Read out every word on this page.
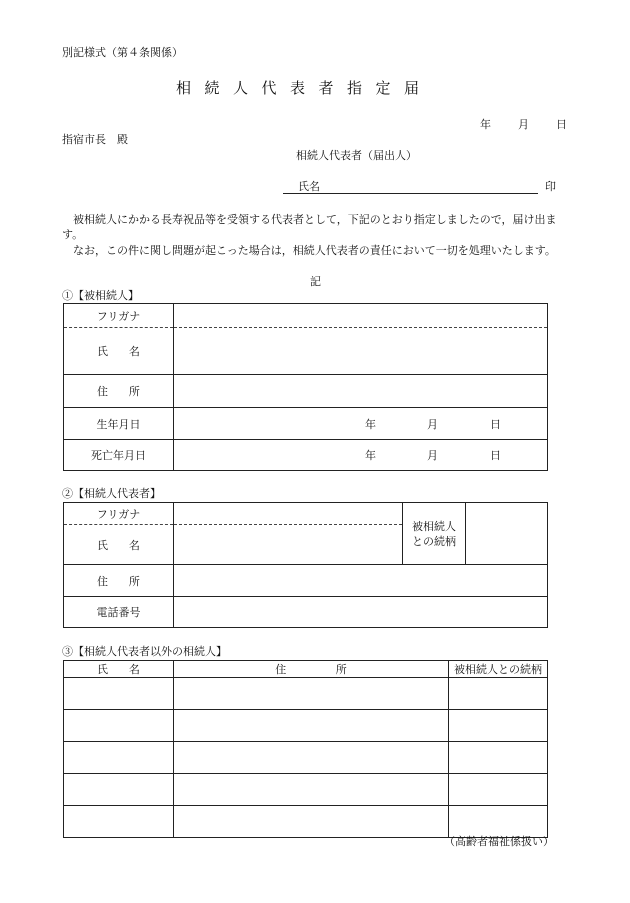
別記様式（第４条関係）
相続人代表者指定届
年 月 日
指宿市長　殿
相続人代表者（届出人）
氏名	印
被相続人にかかる長寿祝品等を受領する代表者として，下記のとおり指定しましたので，届け出ます。
なお，この件に関し問題が起こった場合は，相続人代表者の責任において一切を処理いたします。
記
①【被相続人】
フリガナ	
氏名	
住所	
生年月日	年 月 日

死亡年月日	年 月 日
②【相続人代表者】
フリガナ		被相続人
との続柄	

氏名			
住所			
電話番号			
③【相続人代表者以外の相続人】
氏名	住所	被相続人との続柄

（高齢者福祉係扱い）
